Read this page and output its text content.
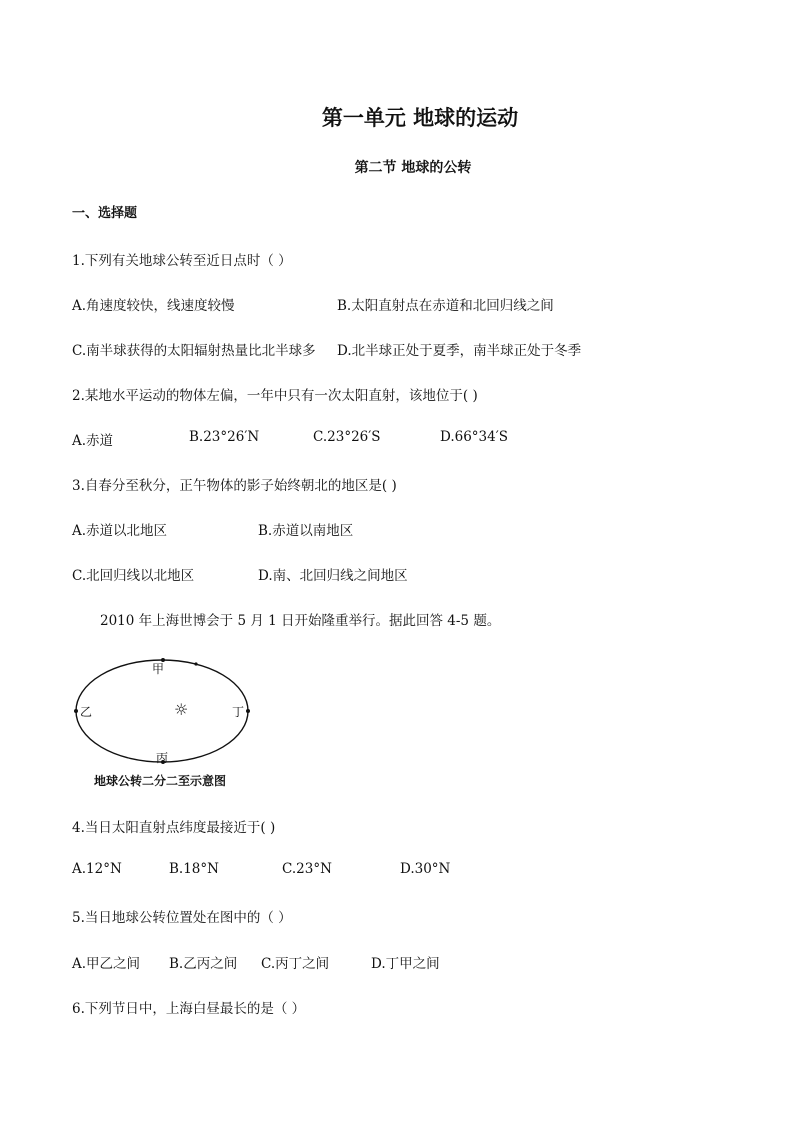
第一单元 地球的运动
第二节 地球的公转
一、选择题
1.下列有关地球公转至近日点时（ ）
A.角速度较快，线速度较慢	B.太阳直射点在赤道和北回归线之间
C.南半球获得的太阳辐射热量比北半球多 D.北半球正处于夏季，南半球正处于冬季
2.某地水平运动的物体左偏，一年中只有一次太阳直射，该地位于( )
A.赤道	B.23°26′N	C.23°26′S	D.66°34′S
3.自春分至秋分，正午物体的影子始终朝北的地区是( )
A.赤道以北地区	B.赤道以南地区
C.北回归线以北地区	D.南、北回归线之间地区
2010 年上海世博会于 5 月 1 日开始隆重举行。据此回答 4-5 题。
甲
乙	丁
丙
☼
地球公转二分二至示意图
4.当日太阳直射点纬度最接近于( )
A.12°N	B.18°N	C.23°N	D.30°N
5.当日地球公转位置处在图中的（ ）
A.甲乙之间 B.乙丙之间 C.丙丁之间	D.丁甲之间
6.下列节日中，上海白昼最长的是（ ）
